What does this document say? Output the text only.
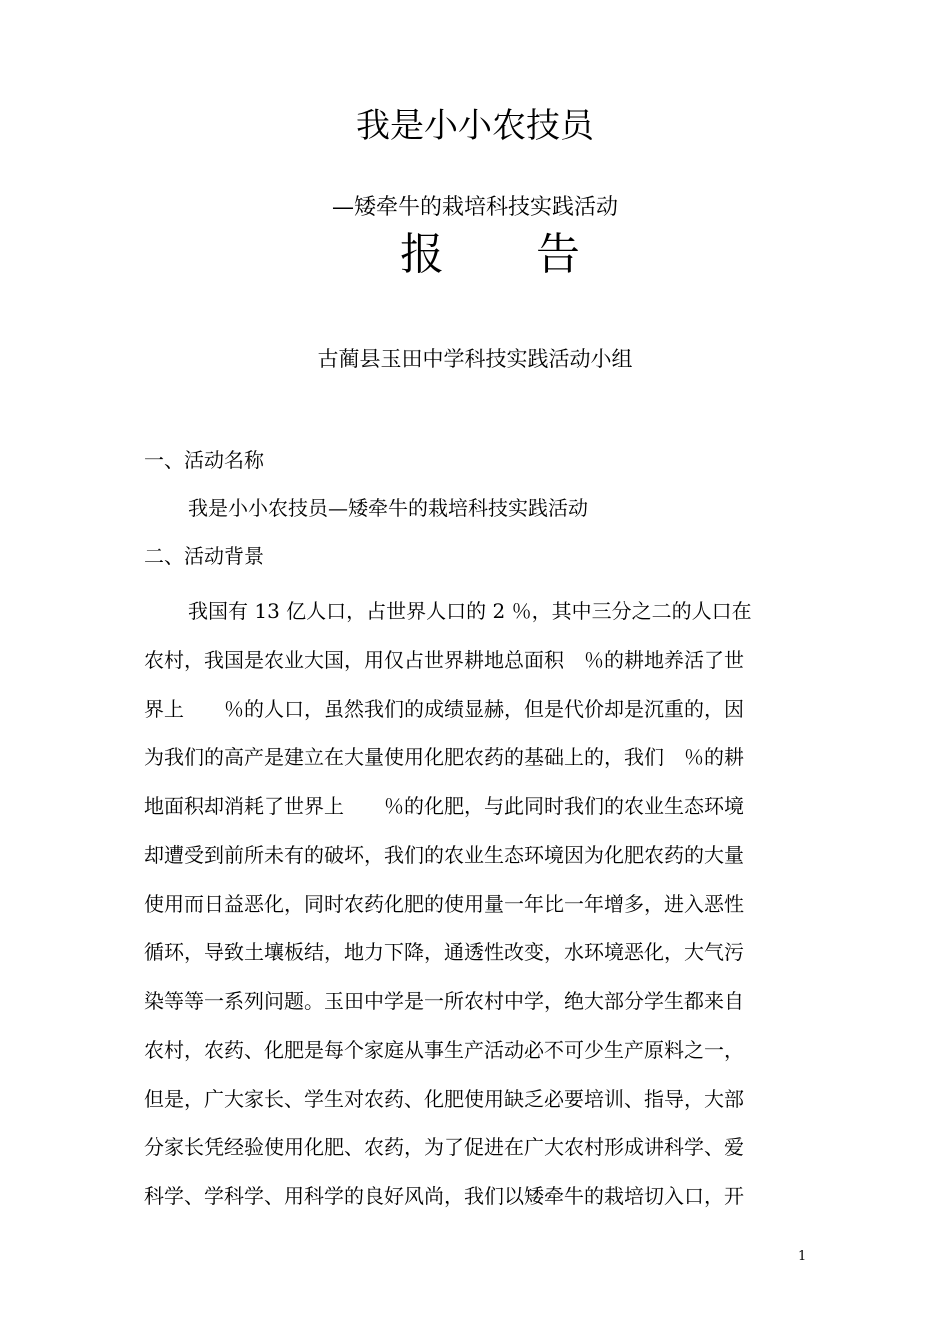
我是小小农技员
—矮牵牛的栽培科技实践活动
报 告
古蔺县玉田中学科技实践活动小组
一、活动名称
我是小小农技员—矮牵牛的栽培科技实践活动
二、活动背景
我国有 13 亿人口，占世界人口的 2 ％，其中三分之二的人口在
农村，我国是农业大国，用仅占世界耕地总面积　％的耕地养活了世
界上　　％的人口，虽然我们的成绩显赫，但是代价却是沉重的，因
为我们的高产是建立在大量使用化肥农药的基础上的，我们　％的耕
地面积却消耗了世界上　　％的化肥，与此同时我们的农业生态环境
却遭受到前所未有的破坏，我们的农业生态环境因为化肥农药的大量
使用而日益恶化，同时农药化肥的使用量一年比一年增多，进入恶性
循环，导致土壤板结，地力下降，通透性改变，水环境恶化，大气污
染等等一系列问题。玉田中学是一所农村中学，绝大部分学生都来自
农村，农药、化肥是每个家庭从事生产活动必不可少生产原料之一，
但是，广大家长、学生对农药、化肥使用缺乏必要培训、指导，大部
分家长凭经验使用化肥、农药，为了促进在广大农村形成讲科学、爱
科学、学科学、用科学的良好风尚，我们以矮牵牛的栽培切入口，开
1
